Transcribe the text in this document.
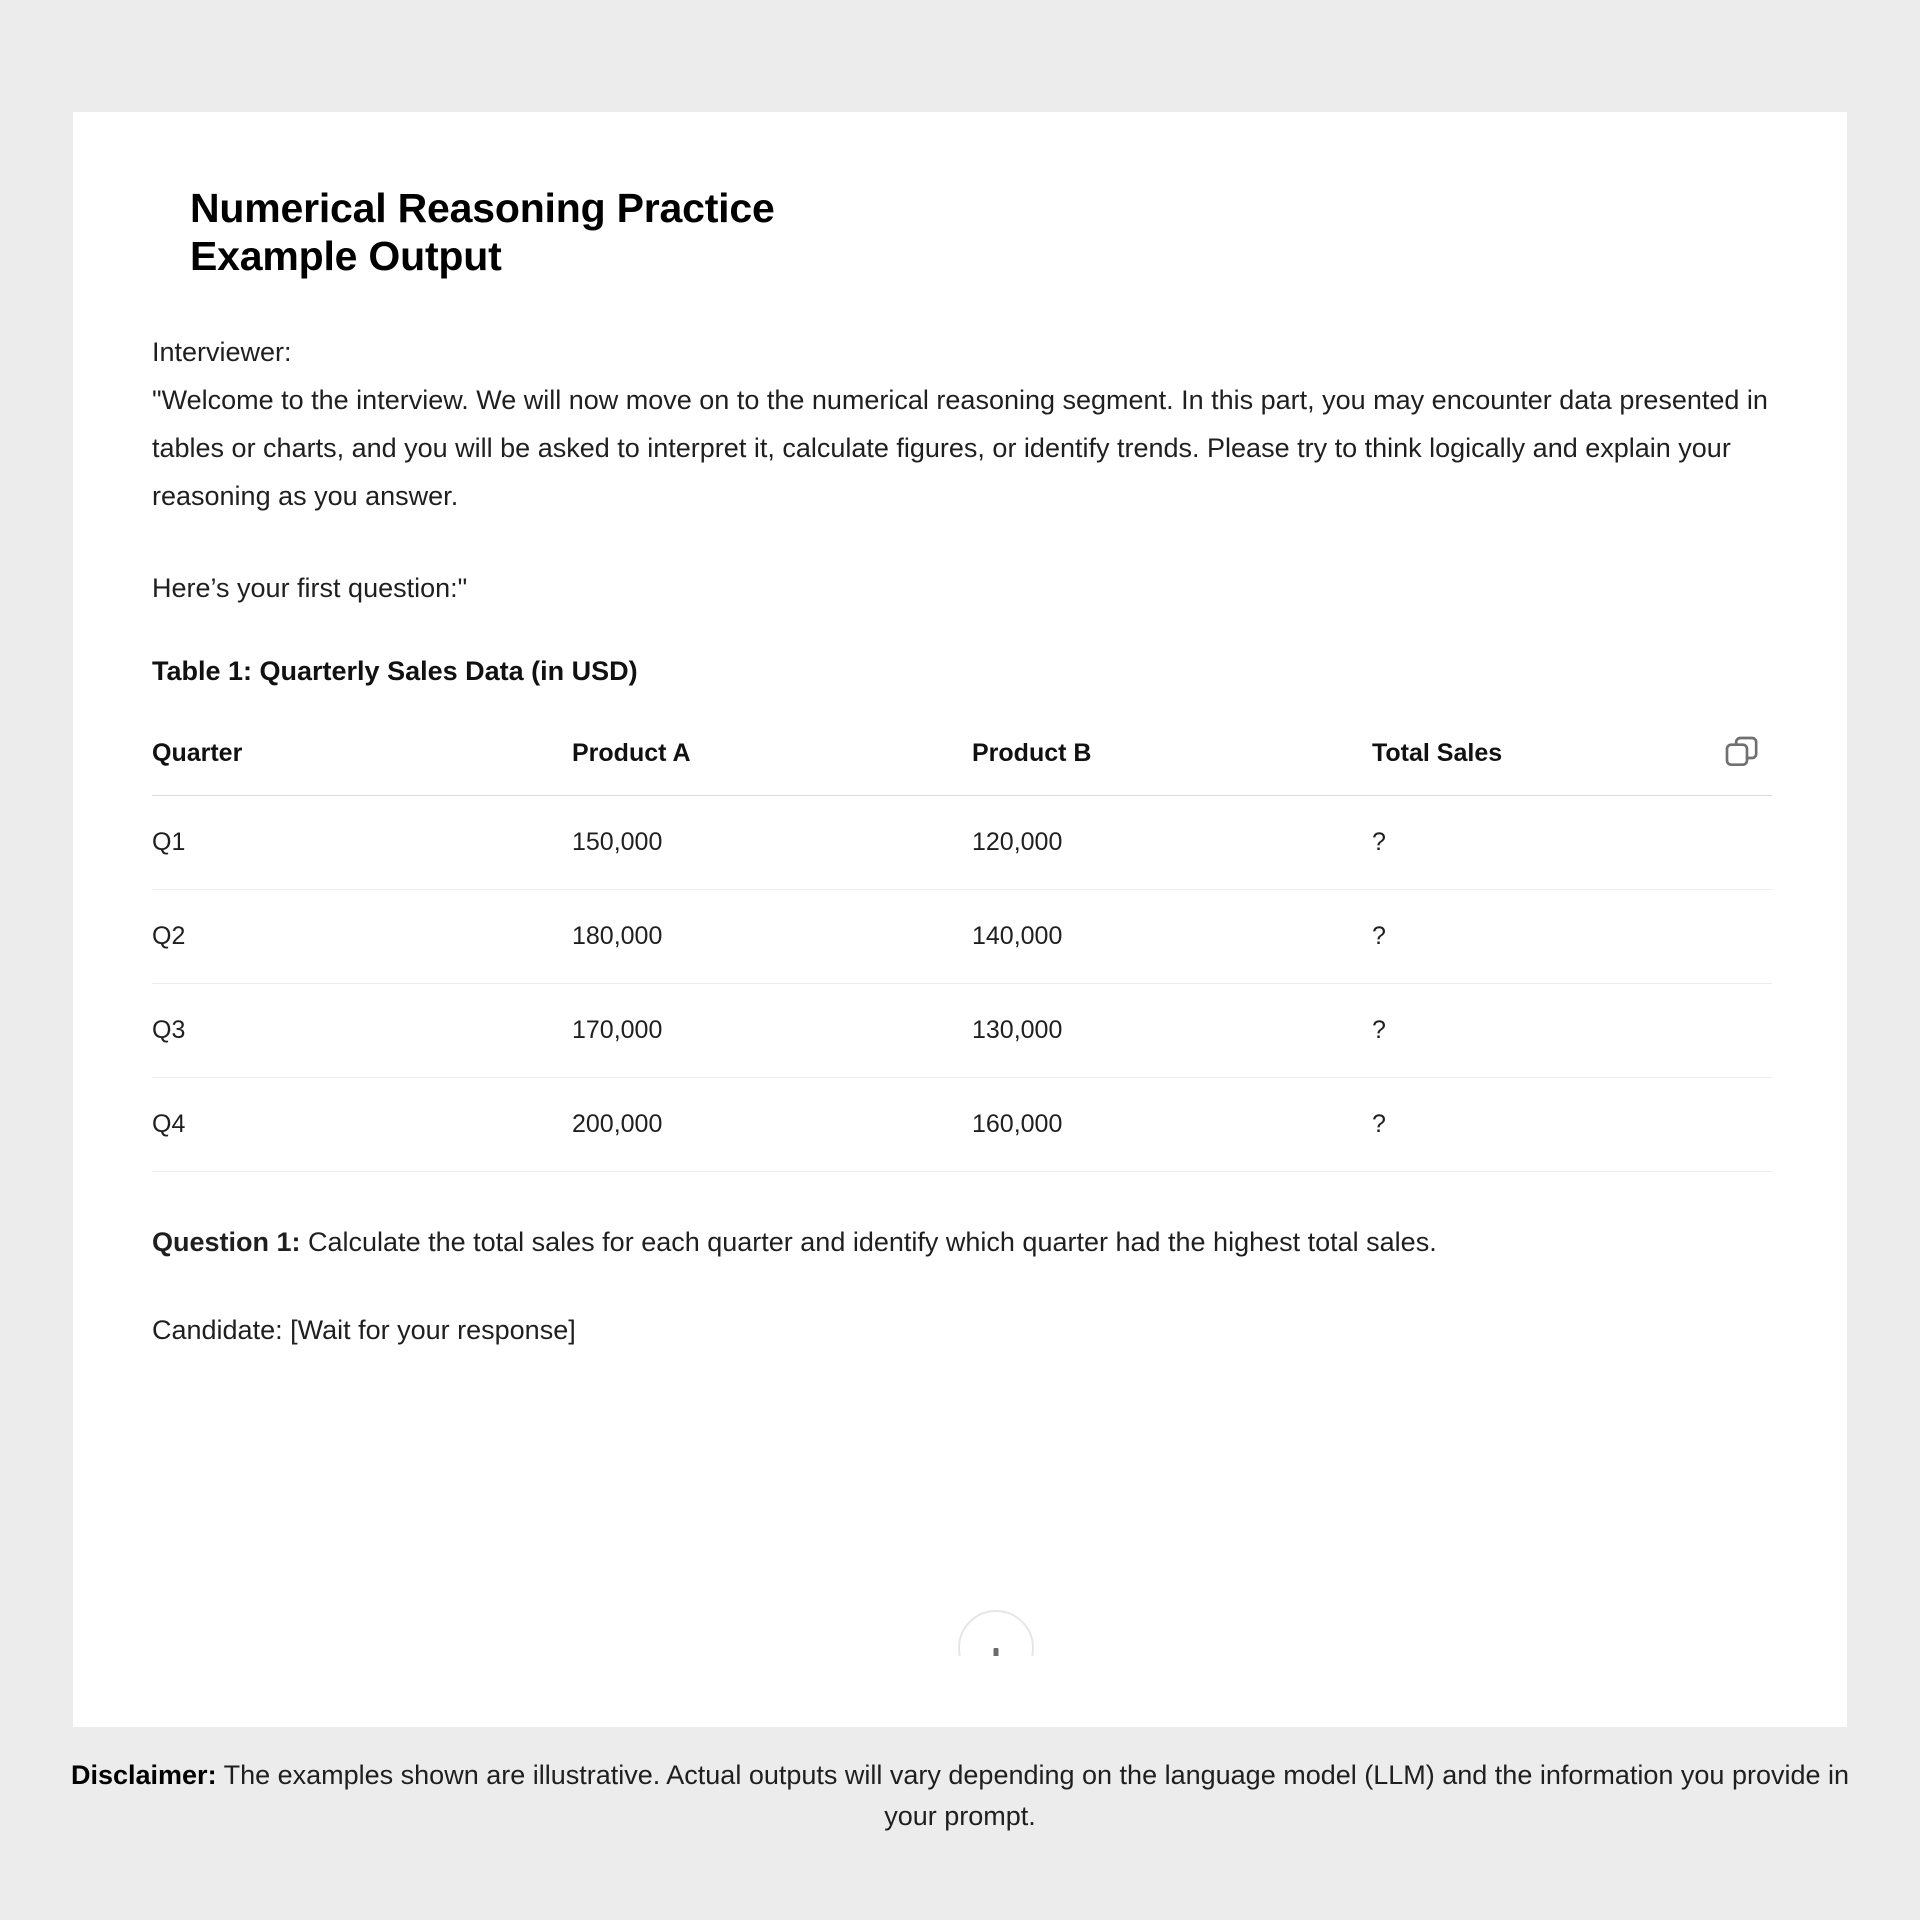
Numerical Reasoning Practice
Example Output

Interviewer:

"Welcome to the interview. We will now move on to the numerical reasoning segment. In this part, you may encounter data presented in tables or charts, and you will be asked to interpret it, calculate figures, or identify trends. Please try to think logically and explain your reasoning as you answer.

Here’s your first question:"

Table 1: Quarterly Sales Data (in USD)

Quarter	Product A	Product B	Total Sales
Q1	150,000	120,000	?
Q2	180,000	140,000	?
Q3	170,000	130,000	?
Q4	200,000	160,000	?

Question 1: Calculate the total sales for each quarter and identify which quarter had the highest total sales.

Candidate: [Wait for your response]

Disclaimer: The examples shown are illustrative. Actual outputs will vary depending on the language model (LLM) and the information you provide in your prompt.
